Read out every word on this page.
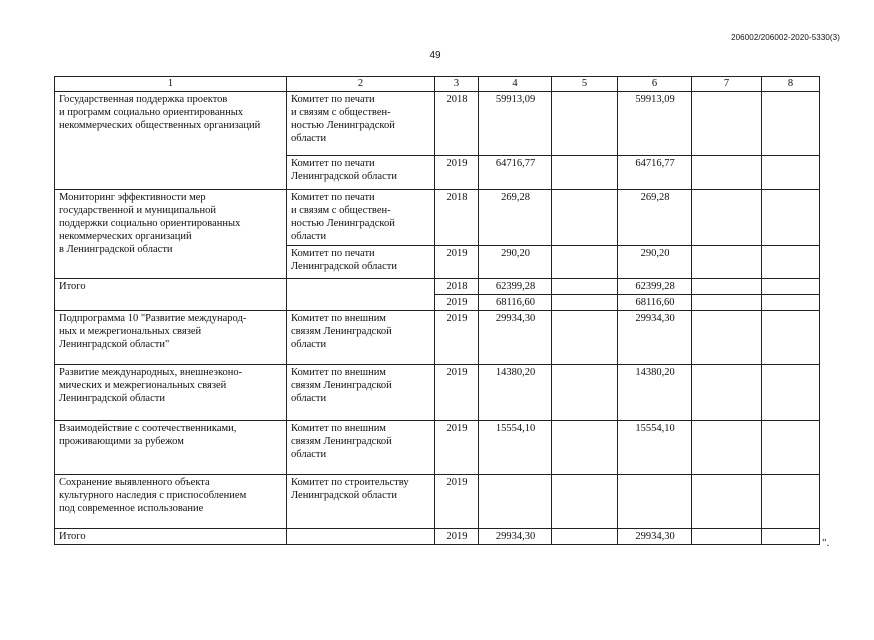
206002/206002-2020-5330(3)
49
1	2	3	4	5	6	7	8
Государственная поддержка проектов
и программ социально ориентированных
некоммерческих общественных организаций	Комитет по печати
и связям с обществен-
ностью Ленинградской
области	2018	59913,09		59913,09		
	Комитет по печати
Ленинградской области	2019	64716,77		64716,77		
Мониторинг эффективности мер
государственной и муниципальной
поддержки социально ориентированных
некоммерческих организаций
в Ленинградской области	Комитет по печати
и связям с обществен-
ностью Ленинградской
области	2018	269,28		269,28		
	Комитет по печати
Ленинградской области	2019	290,20		290,20		
Итого		2018	62399,28		62399,28		
		2019	68116,60		68116,60		
Подпрограмма 10 "Развитие международ-
ных и межрегиональных связей
Ленинградской области"	Комитет по внешним
связям Ленинградской
области	2019	29934,30		29934,30		
Развитие международных, внешнеэконо-
мических и межрегиональных связей
Ленинградской области	Комитет по внешним
связям Ленинградской
области	2019	14380,20		14380,20		
Взаимодействие с соотечественниками,
проживающими за рубежом	Комитет по внешним
связям Ленинградской
области	2019	15554,10		15554,10		
Сохранение выявленного объекта
культурного наследия с приспособлением
под современное использование	Комитет по строительству
Ленинградской области	2019					
Итого		2019	29934,30		29934,30		
".
